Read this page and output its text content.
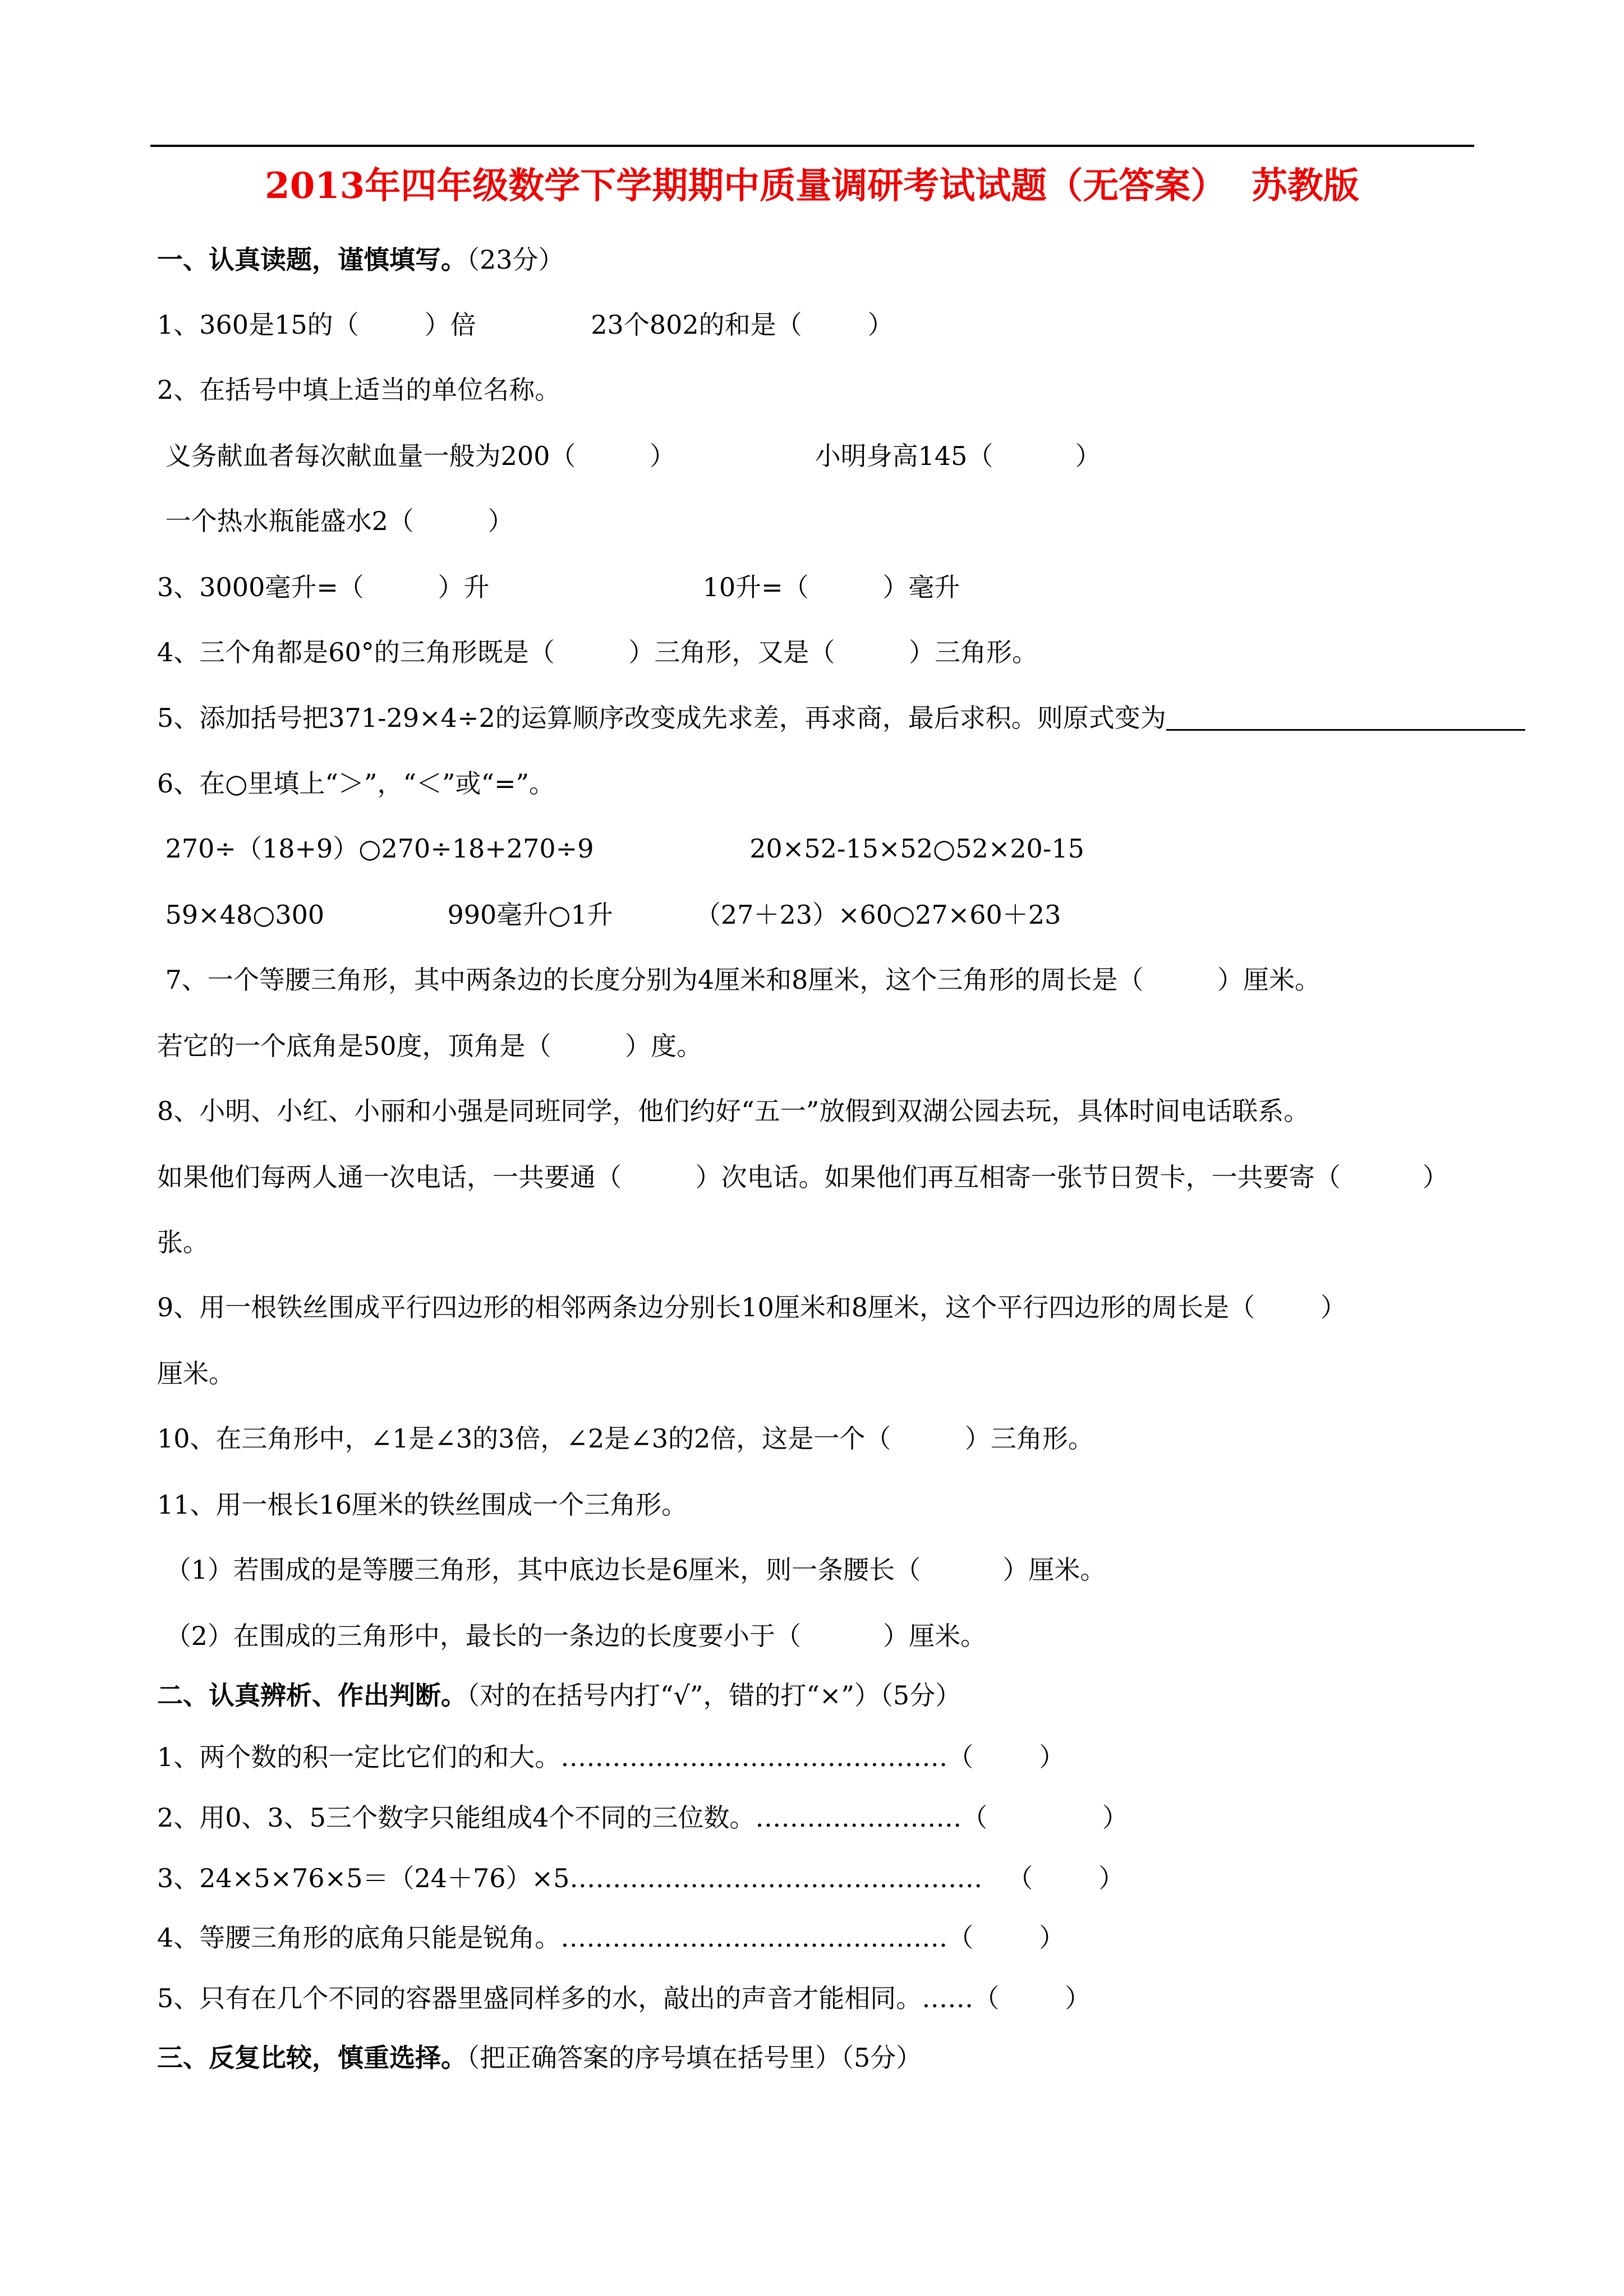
2013年四年级数学下学期期中质量调研考试试题（无答案）  苏教版
一、认真读题，谨慎填写。（23分）
1、360是15的（        ）倍              23个802的和是（        ）
2、在括号中填上适当的单位名称。
义务献血者每次献血量一般为200（         ）                 小明身高145（          ）
一个热水瓶能盛水2（         ）
3、3000毫升=（         ）升                          10升=（         ）毫升
4、三个角都是60°的三角形既是（         ）三角形，又是（         ）三角形。
5、添加括号把371-29×4÷2的运算顺序改变成先求差，再求商，最后求积。则原式变为
6、在○里填上“＞”，“＜”或“=”。
270÷（18+9）○270÷18+270÷9                   20×52-15×52○52×20-15
59×48○300               990毫升○1升          （27＋23）×60○27×60＋23
7、一个等腰三角形，其中两条边的长度分别为4厘米和8厘米，这个三角形的周长是（         ）厘米。
若它的一个底角是50度，顶角是（         ）度。
8、小明、小红、小丽和小强是同班同学，他们约好“五一”放假到双湖公园去玩，具体时间电话联系。
如果他们每两人通一次电话，一共要通（         ）次电话。如果他们再互相寄一张节日贺卡，一共要寄（          ）
张。
9、用一根铁丝围成平行四边形的相邻两条边分别长10厘米和8厘米，这个平行四边形的周长是（        ）
厘米。
10、在三角形中，∠1是∠3的3倍，∠2是∠3的2倍，这是一个（         ）三角形。
11、用一根长16厘米的铁丝围成一个三角形。
（1）若围成的是等腰三角形，其中底边长是6厘米，则一条腰长（          ）厘米。
（2）在围成的三角形中，最长的一条边的长度要小于（          ）厘米。
二、认真辨析、作出判断。（对的在括号内打“√”，错的打“×”）（5分）
1、两个数的积一定比它们的和大。………………………………………（        ）
2、用0、3、5三个数字只能组成4个不同的三位数。……………………（              ）
3、24×5×76×5＝（24＋76）×5…………………………………………   （        ）
4、等腰三角形的底角只能是锐角。………………………………………（        ）
5、只有在几个不同的容器里盛同样多的水，敲出的声音才能相同。……（        ）
三、反复比较，慎重选择。（把正确答案的序号填在括号里）（5分）
